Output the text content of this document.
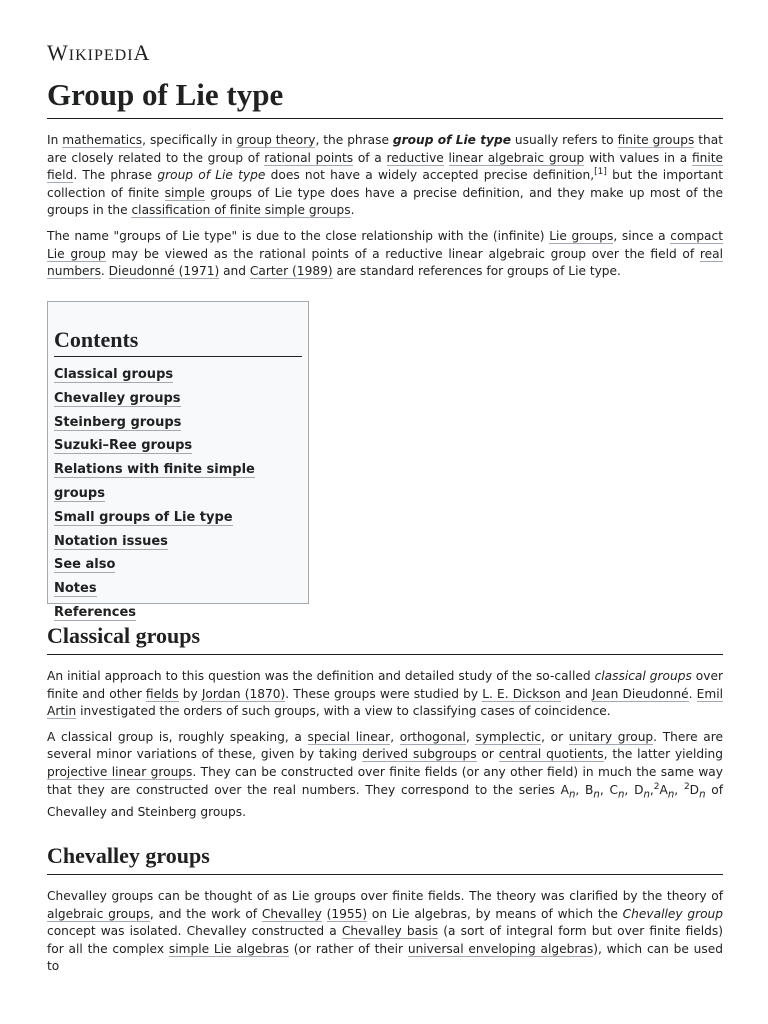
WIKIPEDIA
Group of Lie type

In mathematics, specifically in group theory, the phrase group of Lie type usually refers to finite groups that are closely related to the group of rational points of a reductive linear algebraic group with values in a finite field. The phrase group of Lie type does not have a widely accepted precise definition,[1] but the important collection of finite simple groups of Lie type does have a precise definition, and they make up most of the groups in the classification of finite simple groups.

The name "groups of Lie type" is due to the close relationship with the (infinite) Lie groups, since a compact Lie group may be viewed as the rational points of a reductive linear algebraic group over the field of real numbers. Dieudonné (1971) and Carter (1989) are standard references for groups of Lie type.

Contents
Classical groups
Chevalley groups
Steinberg groups
Suzuki–Ree groups
Relations with finite simple groups
Small groups of Lie type
Notation issues
See also
Notes
References
Classical groups

An initial approach to this question was the definition and detailed study of the so-called classical groups over finite and other fields by Jordan (1870). These groups were studied by L. E. Dickson and Jean Dieudonné. Emil Artin investigated the orders of such groups, with a view to classifying cases of coincidence.

A classical group is, roughly speaking, a special linear, orthogonal, symplectic, or unitary group. There are several minor variations of these, given by taking derived subgroups or central quotients, the latter yielding projective linear groups. They can be constructed over finite fields (or any other field) in much the same way that they are constructed over the real numbers. They correspond to the series $A_n$, $B_n$, $C_n$, $D_n,^2A_n$, $^2D_n$ of Chevalley and Steinberg groups.

Chevalley groups

Chevalley groups can be thought of as Lie groups over finite fields. The theory was clarified by the theory of algebraic groups, and the work of Chevalley (1955) on Lie algebras, by means of which the Chevalley group concept was isolated. Chevalley constructed a Chevalley basis (a sort of integral form but over finite fields) for all the complex simple Lie algebras (or rather of their universal enveloping algebras), which can be used to
